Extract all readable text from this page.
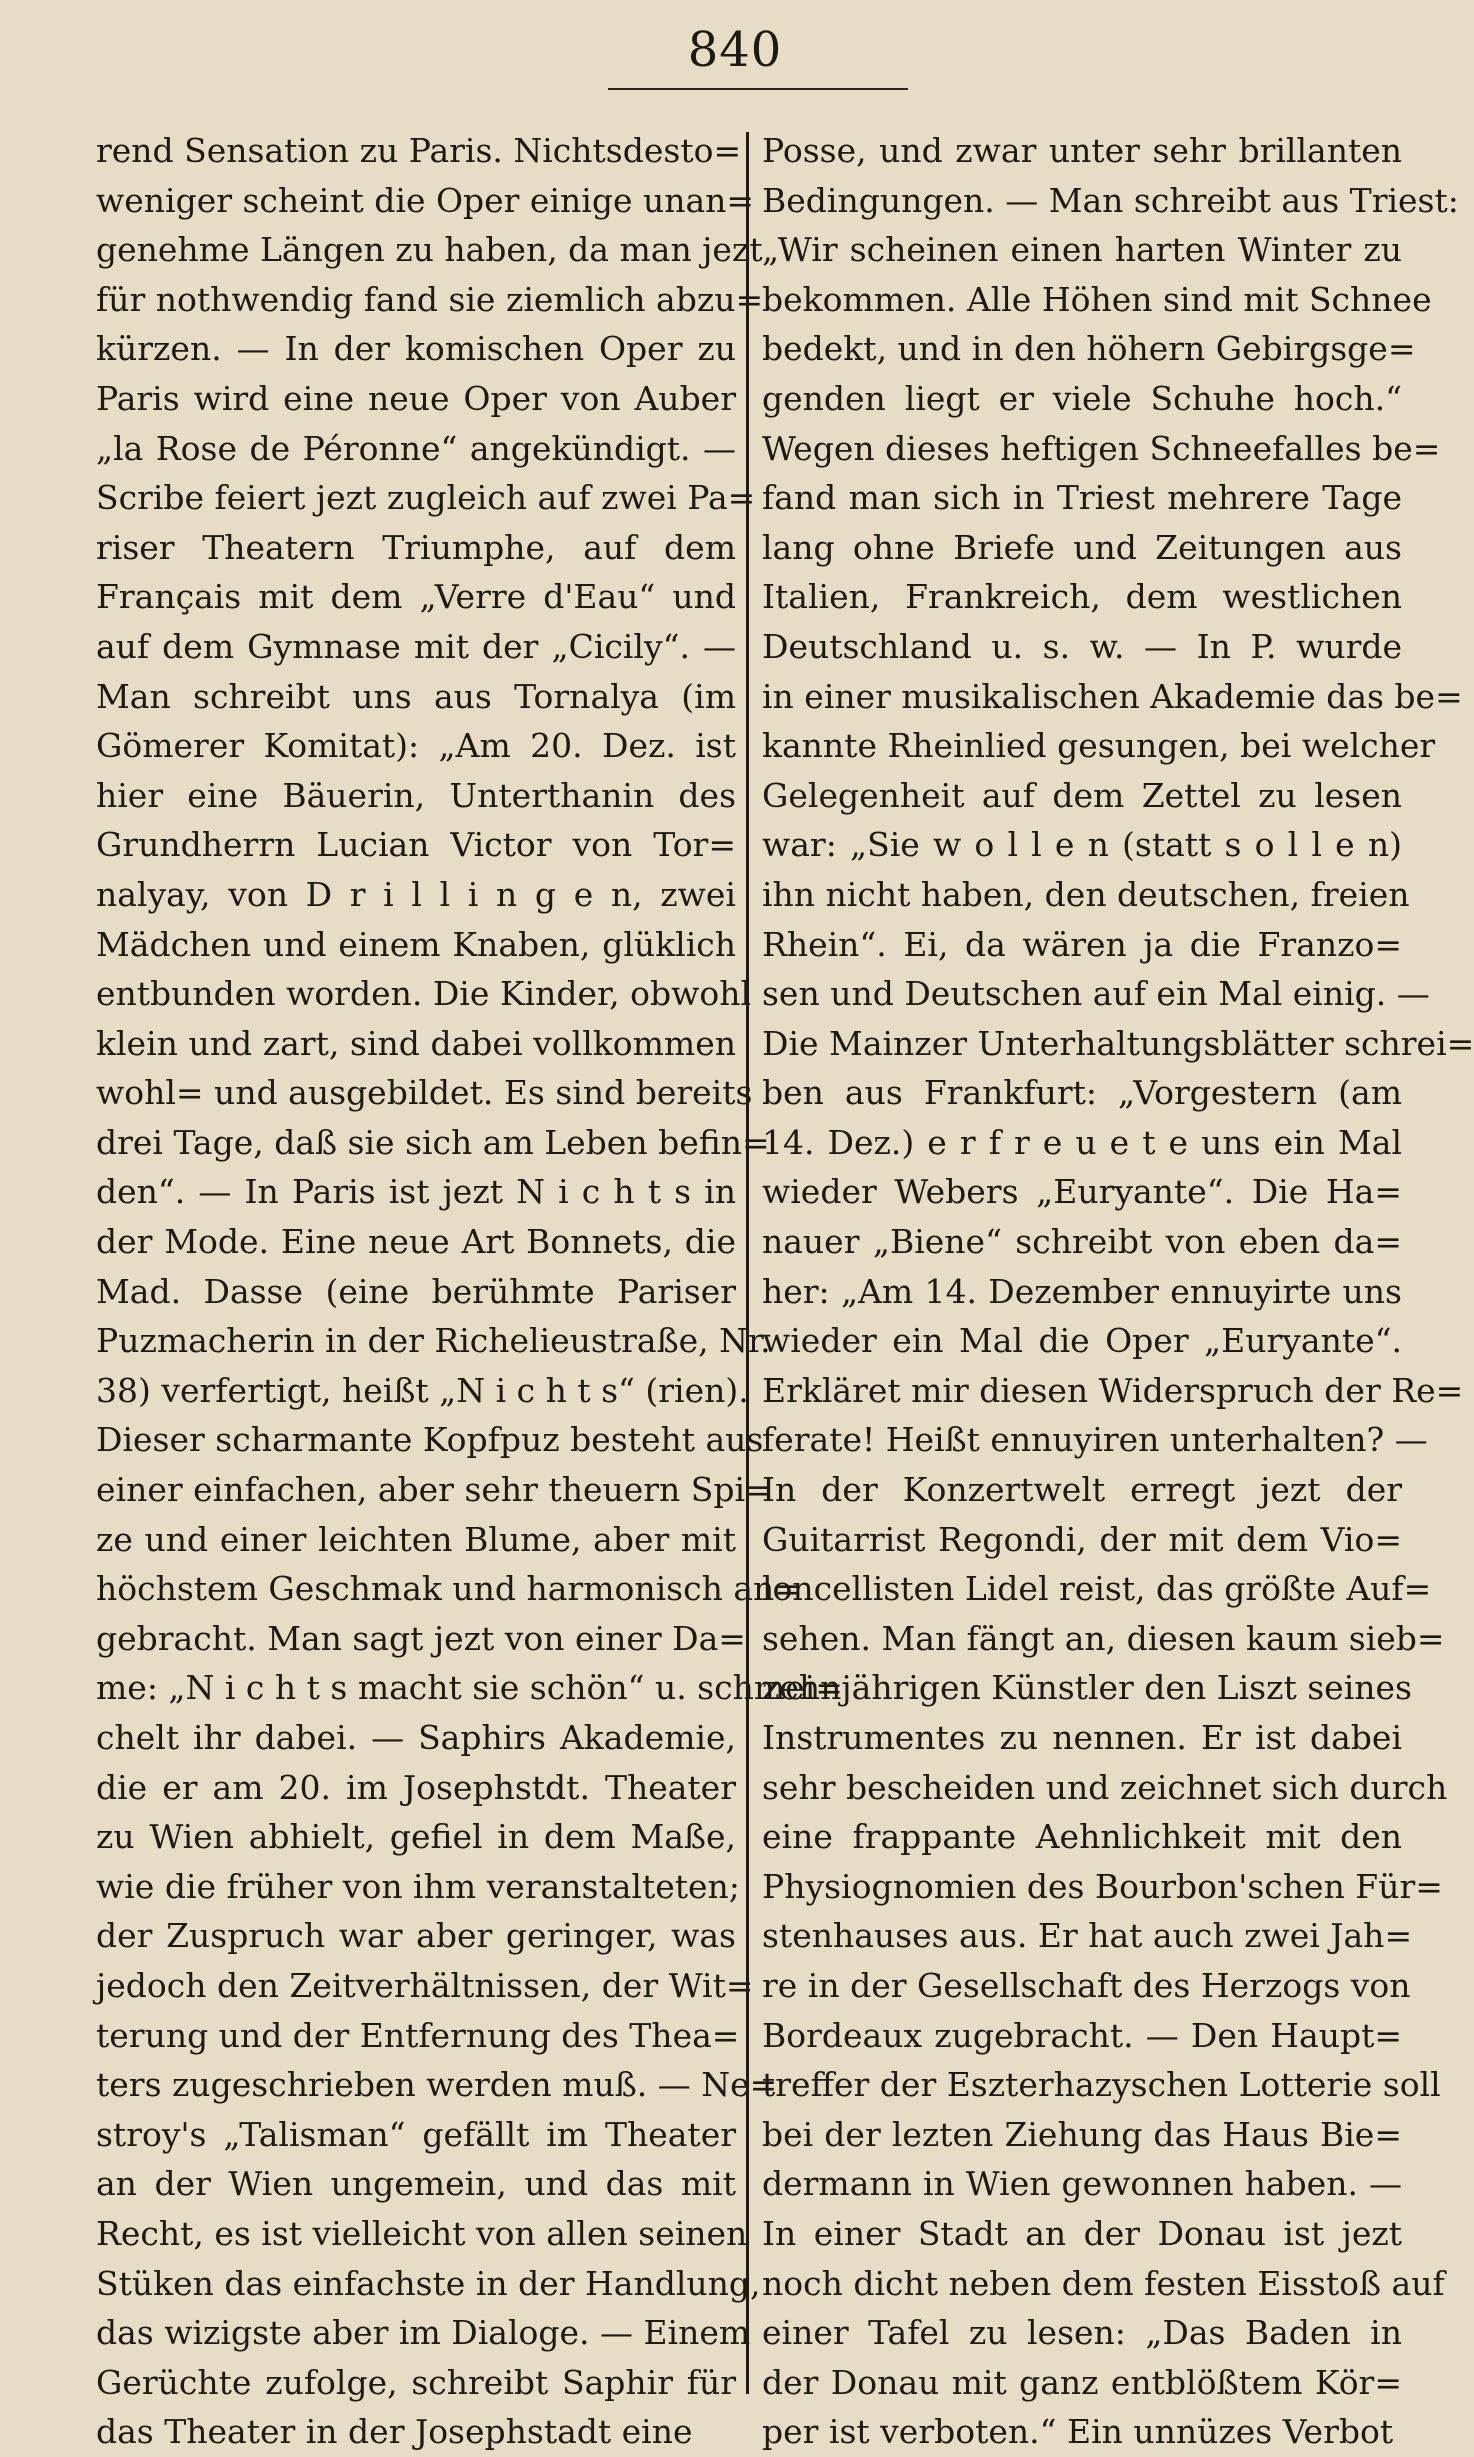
840
rend Sensation zu Paris. Nichtsdesto=
weniger scheint die Oper einige unan=
genehme Längen zu haben, da man jezt
für nothwendig fand sie ziemlich abzu=
kürzen. — In der komischen Oper zu
Paris wird eine neue Oper von Auber
„la Rose de Péronne“ angekündigt. —
Scribe feiert jezt zugleich auf zwei Pa=
riser Theatern Triumphe, auf dem
Français mit dem „Verre d'Eau“ und
auf dem Gymnase mit der „Cicily“. —
Man schreibt uns aus Tornalya (im
Gömerer Komitat): „Am 20. Dez. ist
hier eine Bäuerin, Unterthanin des
Grundherrn Lucian Victor von Tor=
nalyay, von D r i l l i n g e n, zwei
Mädchen und einem Knaben, glüklich
entbunden worden. Die Kinder, obwohl
klein und zart, sind dabei vollkommen
wohl= und ausgebildet. Es sind bereits
drei Tage, daß sie sich am Leben befin=
den“. — In Paris ist jezt N i c h t s in
der Mode. Eine neue Art Bonnets, die
Mad. Dasse (eine berühmte Pariser
Puzmacherin in der Richelieustraße, Nr.
38) verfertigt, heißt „N i c h t s“ (rien).
Dieser scharmante Kopfpuz besteht aus
einer einfachen, aber sehr theuern Spi=
ze und einer leichten Blume, aber mit
höchstem Geschmak und harmonisch an=
gebracht. Man sagt jezt von einer Da=
me: „N i c h t s macht sie schön“ u. schmei=
chelt ihr dabei. — Saphirs Akademie,
die er am 20. im Josephstdt. Theater
zu Wien abhielt, gefiel in dem Maße,
wie die früher von ihm veranstalteten;
der Zuspruch war aber geringer, was
jedoch den Zeitverhältnissen, der Wit=
terung und der Entfernung des Thea=
ters zugeschrieben werden muß. — Ne=
stroy's „Talisman“ gefällt im Theater
an der Wien ungemein, und das mit
Recht, es ist vielleicht von allen seinen
Stüken das einfachste in der Handlung,
das wizigste aber im Dialoge. — Einem
Gerüchte zufolge, schreibt Saphir für
das Theater in der Josephstadt eine
Posse, und zwar unter sehr brillanten
Bedingungen. — Man schreibt aus Triest:
„Wir scheinen einen harten Winter zu
bekommen. Alle Höhen sind mit Schnee
bedekt, und in den höhern Gebirgsge=
genden liegt er viele Schuhe hoch.“
Wegen dieses heftigen Schneefalles be=
fand man sich in Triest mehrere Tage
lang ohne Briefe und Zeitungen aus
Italien, Frankreich, dem westlichen
Deutschland u. s. w. — In P. wurde
in einer musikalischen Akademie das be=
kannte Rheinlied gesungen, bei welcher
Gelegenheit auf dem Zettel zu lesen
war: „Sie w o l l e n (statt s o l l e n)
ihn nicht haben, den deutschen, freien
Rhein“. Ei, da wären ja die Franzo=
sen und Deutschen auf ein Mal einig. —
Die Mainzer Unterhaltungsblätter schrei=
ben aus Frankfurt: „Vorgestern (am
14. Dez.) e r f r e u e t e uns ein Mal
wieder Webers „Euryante“. Die Ha=
nauer „Biene“ schreibt von eben da=
her: „Am 14. Dezember ennuyirte uns
wieder ein Mal die Oper „Euryante“.
Erkläret mir diesen Widerspruch der Re=
ferate! Heißt ennuyiren unterhalten? —
In der Konzertwelt erregt jezt der
Guitarrist Regondi, der mit dem Vio=
loncellisten Lidel reist, das größte Auf=
sehen. Man fängt an, diesen kaum sieb=
zehnjährigen Künstler den Liszt seines
Instrumentes zu nennen. Er ist dabei
sehr bescheiden und zeichnet sich durch
eine frappante Aehnlichkeit mit den
Physiognomien des Bourbon'schen Für=
stenhauses aus. Er hat auch zwei Jah=
re in der Gesellschaft des Herzogs von
Bordeaux zugebracht. — Den Haupt=
treffer der Eszterhazyschen Lotterie soll
bei der lezten Ziehung das Haus Bie=
dermann in Wien gewonnen haben. —
In einer Stadt an der Donau ist jezt
noch dicht neben dem festen Eisstoß auf
einer Tafel zu lesen: „Das Baden in
der Donau mit ganz entblößtem Kör=
per ist verboten.“ Ein unnüzes Verbot
